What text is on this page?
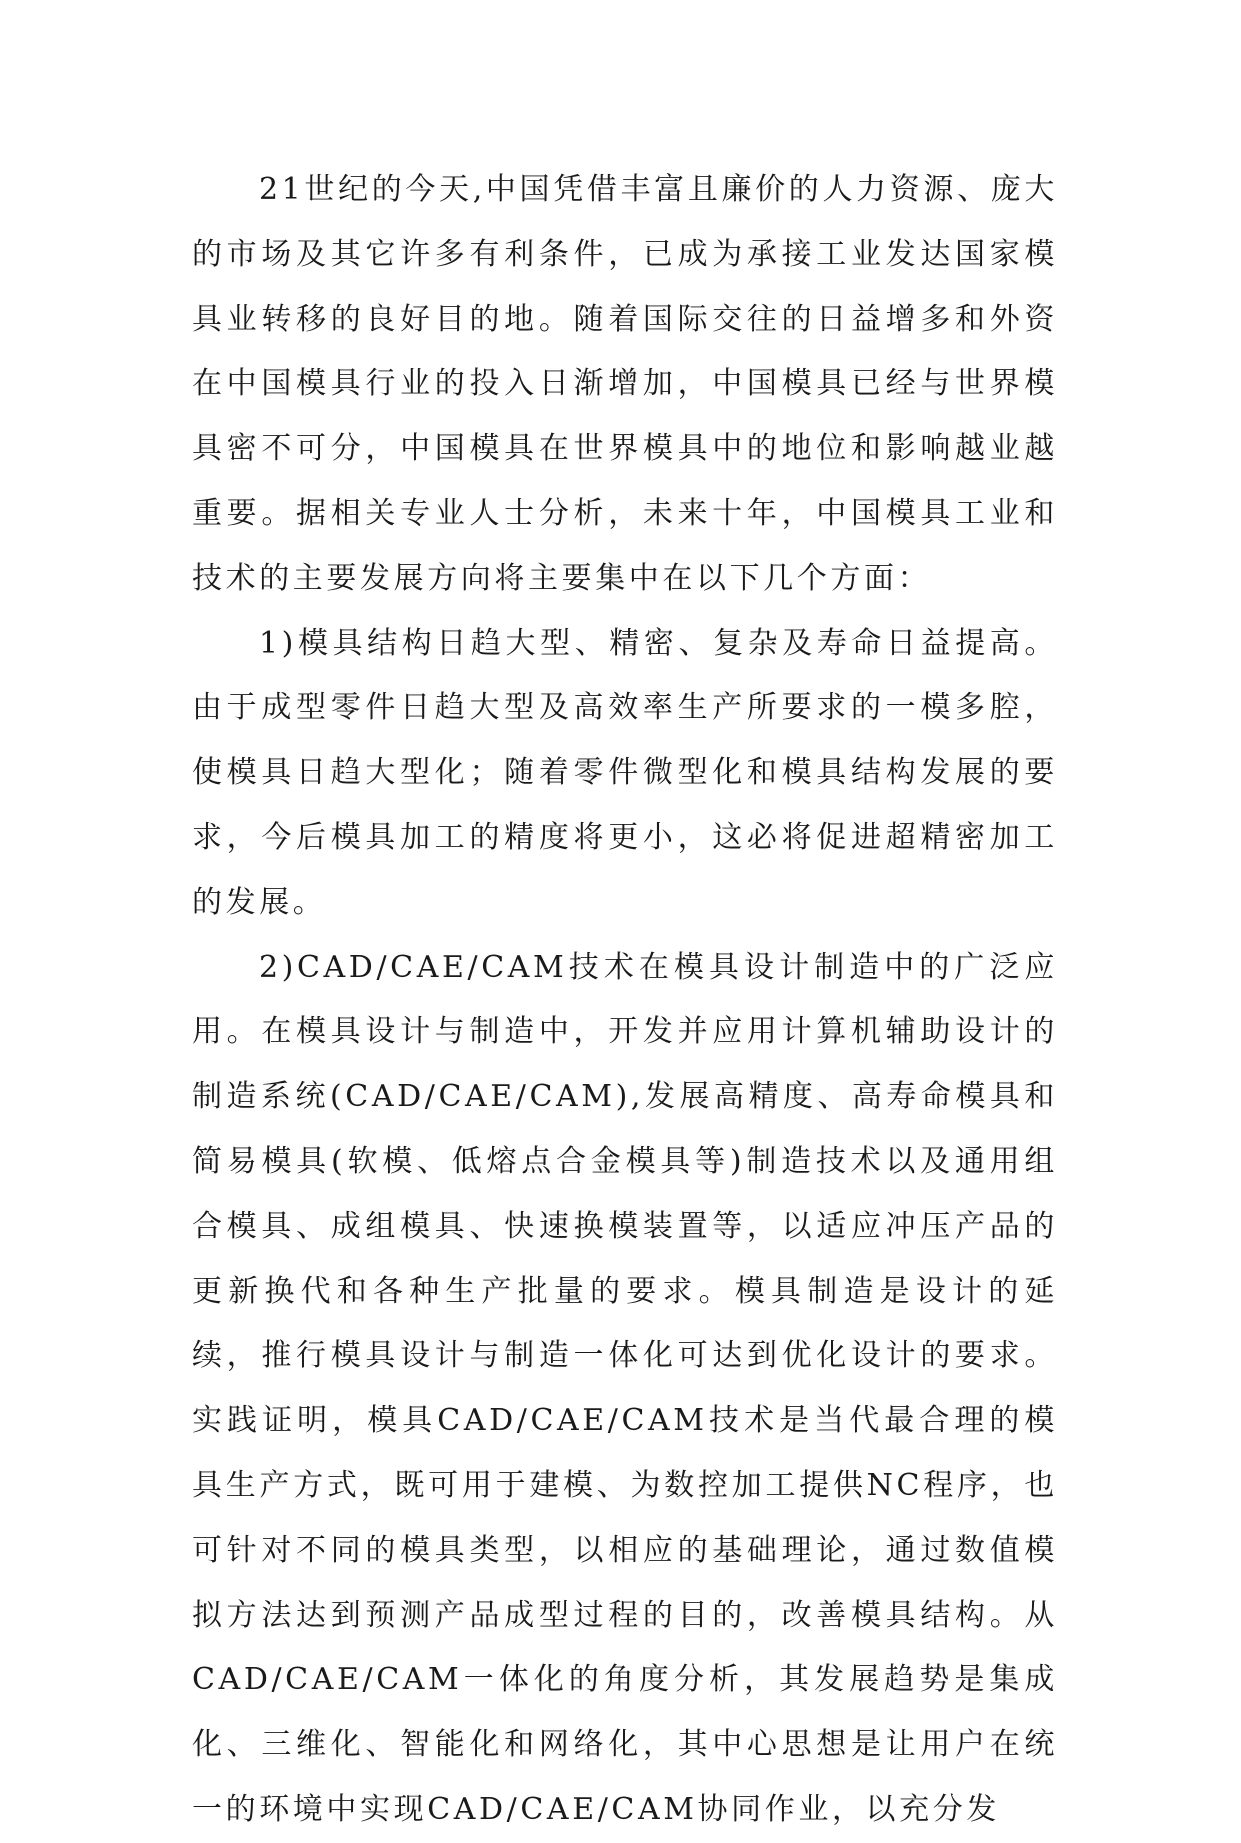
21世纪的今天,中国凭借丰富且廉价的人力资源、庞大的市场及其它许多有利条件，已成为承接工业发达国家模具业转移的良好目的地。随着国际交往的日益增多和外资在中国模具行业的投入日渐增加，中国模具已经与世界模具密不可分，中国模具在世界模具中的地位和影响越业越重要。据相关专业人士分析，未来十年，中国模具工业和技术的主要发展方向将主要集中在以下几个方面：

1)模具结构日趋大型、精密、复杂及寿命日益提高。由于成型零件日趋大型及高效率生产所要求的一模多腔，使模具日趋大型化；随着零件微型化和模具结构发展的要求，今后模具加工的精度将更小，这必将促进超精密加工的发展。

2)CAD/CAE/CAM技术在模具设计制造中的广泛应用。在模具设计与制造中，开发并应用计算机辅助设计的制造系统(CAD/CAE/CAM),发展高精度、高寿命模具和简易模具(软模、低熔点合金模具等)制造技术以及通用组合模具、成组模具、快速换模装置等，以适应冲压产品的更新换代和各种生产批量的要求。模具制造是设计的延续，推行模具设计与制造一体化可达到优化设计的要求。实践证明，模具CAD/CAE/CAM技术是当代最合理的模具生产方式，既可用于建模、为数控加工提供NC程序，也可针对不同的模具类型，以相应的基础理论，通过数值模拟方法达到预测产品成型过程的目的，改善模具结构。从CAD/CAE/CAM一体化的角度分析，其发展趋势是集成化、三维化、智能化和网络化，其中心思想是让用户在统一的环境中实现CAD/CAE/CAM协同作业，以充分发
